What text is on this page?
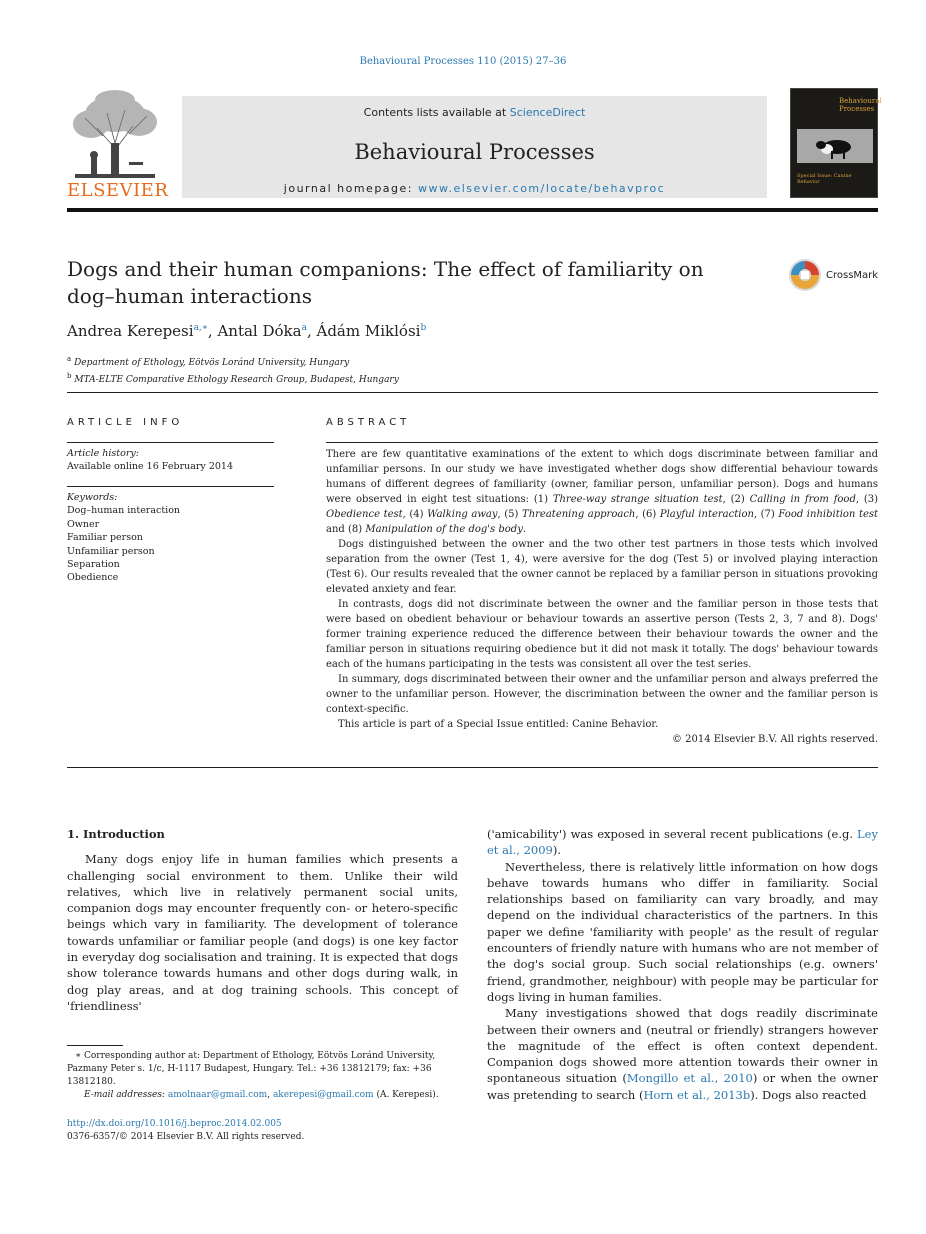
Behavioural Processes 110 (2015) 27–36
ELSEVIER
Contents lists available at ScienceDirect
Behavioural Processes
journal homepage: www.elsevier.com/locate/behavproc
Behavioural Processes
Special Issue: Canine Behavior
Dogs and their human companions: The effect of familiarity on
dog–human interactions
CrossMark
Andrea Kerepesi$^{a,∗}$, Antal Dóka$^a$, Ádám Miklósi$^b$
$^a$ Department of Ethology, Eötvös Loránd University, Hungary
$^b$ MTA-ELTE Comparative Ethology Research Group, Budapest, Hungary
ARTICLE INFO
Article history:
Available online 16 February 2014
Keywords:
Dog–human interaction
Owner
Familiar person
Unfamiliar person
Separation
Obedience
ABSTRACT

There are few quantitative examinations of the extent to which dogs discriminate between familiar and unfamiliar persons. In our study we have investigated whether dogs show differential behaviour towards humans of different degrees of familiarity (owner, familiar person, unfamiliar person). Dogs and humans were observed in eight test situations: (1) Three-way strange situation test, (2) Calling in from food, (3) Obedience test, (4) Walking away, (5) Threatening approach, (6) Playful interaction, (7) Food inhibition test and (8) Manipulation of the dog's body.

Dogs distinguished between the owner and the two other test partners in those tests which involved separation from the owner (Test 1, 4), were aversive for the dog (Test 5) or involved playing interaction (Test 6). Our results revealed that the owner cannot be replaced by a familiar person in situations provoking elevated anxiety and fear.

In contrasts, dogs did not discriminate between the owner and the familiar person in those tests that were based on obedient behaviour or behaviour towards an assertive person (Tests 2, 3, 7 and 8). Dogs' former training experience reduced the difference between their behaviour towards the owner and the familiar person in situations requiring obedience but it did not mask it totally. The dogs' behaviour towards each of the humans participating in the tests was consistent all over the test series.

In summary, dogs discriminated between their owner and the unfamiliar person and always preferred the owner to the unfamiliar person. However, the discrimination between the owner and the familiar person is context-specific.

This article is part of a Special Issue entitled: Canine Behavior.

© 2014 Elsevier B.V. All rights reserved.

1. Introduction

Many dogs enjoy life in human families which presents a challenging social environment to them. Unlike their wild relatives, which live in relatively permanent social units, companion dogs may encounter frequently con- or hetero-specific beings which vary in familiarity. The development of tolerance towards unfamiliar or familiar people (and dogs) is one key factor in everyday dog socialisation and training. It is expected that dogs show tolerance towards humans and other dogs during walk, in dog play areas, and at dog training schools. This concept of 'friendliness'

('amicability') was exposed in several recent publications (e.g. Ley et al., 2009).

Nevertheless, there is relatively little information on how dogs behave towards humans who differ in familiarity. Social relationships based on familiarity can vary broadly, and may depend on the individual characteristics of the partners. In this paper we define 'familiarity with people' as the result of regular encounters of friendly nature with humans who are not member of the dog's social group. Such social relationships (e.g. owners' friend, grandmother, neighbour) with people may be particular for dogs living in human families.

Many investigations showed that dogs readily discriminate between their owners and (neutral or friendly) strangers however the magnitude of the effect is often context dependent. Companion dogs showed more attention towards their owner in spontaneous situation (Mongillo et al., 2010) or when the owner was pretending to search (Horn et al., 2013b). Dogs also reacted

∗ Corresponding author at: Department of Ethology, Eötvös Loránd University, Pazmany Peter s. 1/c, H-1117 Budapest, Hungary. Tel.: +36 13812179; fax: +36 13812180.
E-mail addresses: amolnaar@gmail.com, akerepesi@gmail.com (A. Kerepesi).
http://dx.doi.org/10.1016/j.beproc.2014.02.005
0376-6357/© 2014 Elsevier B.V. All rights reserved.
